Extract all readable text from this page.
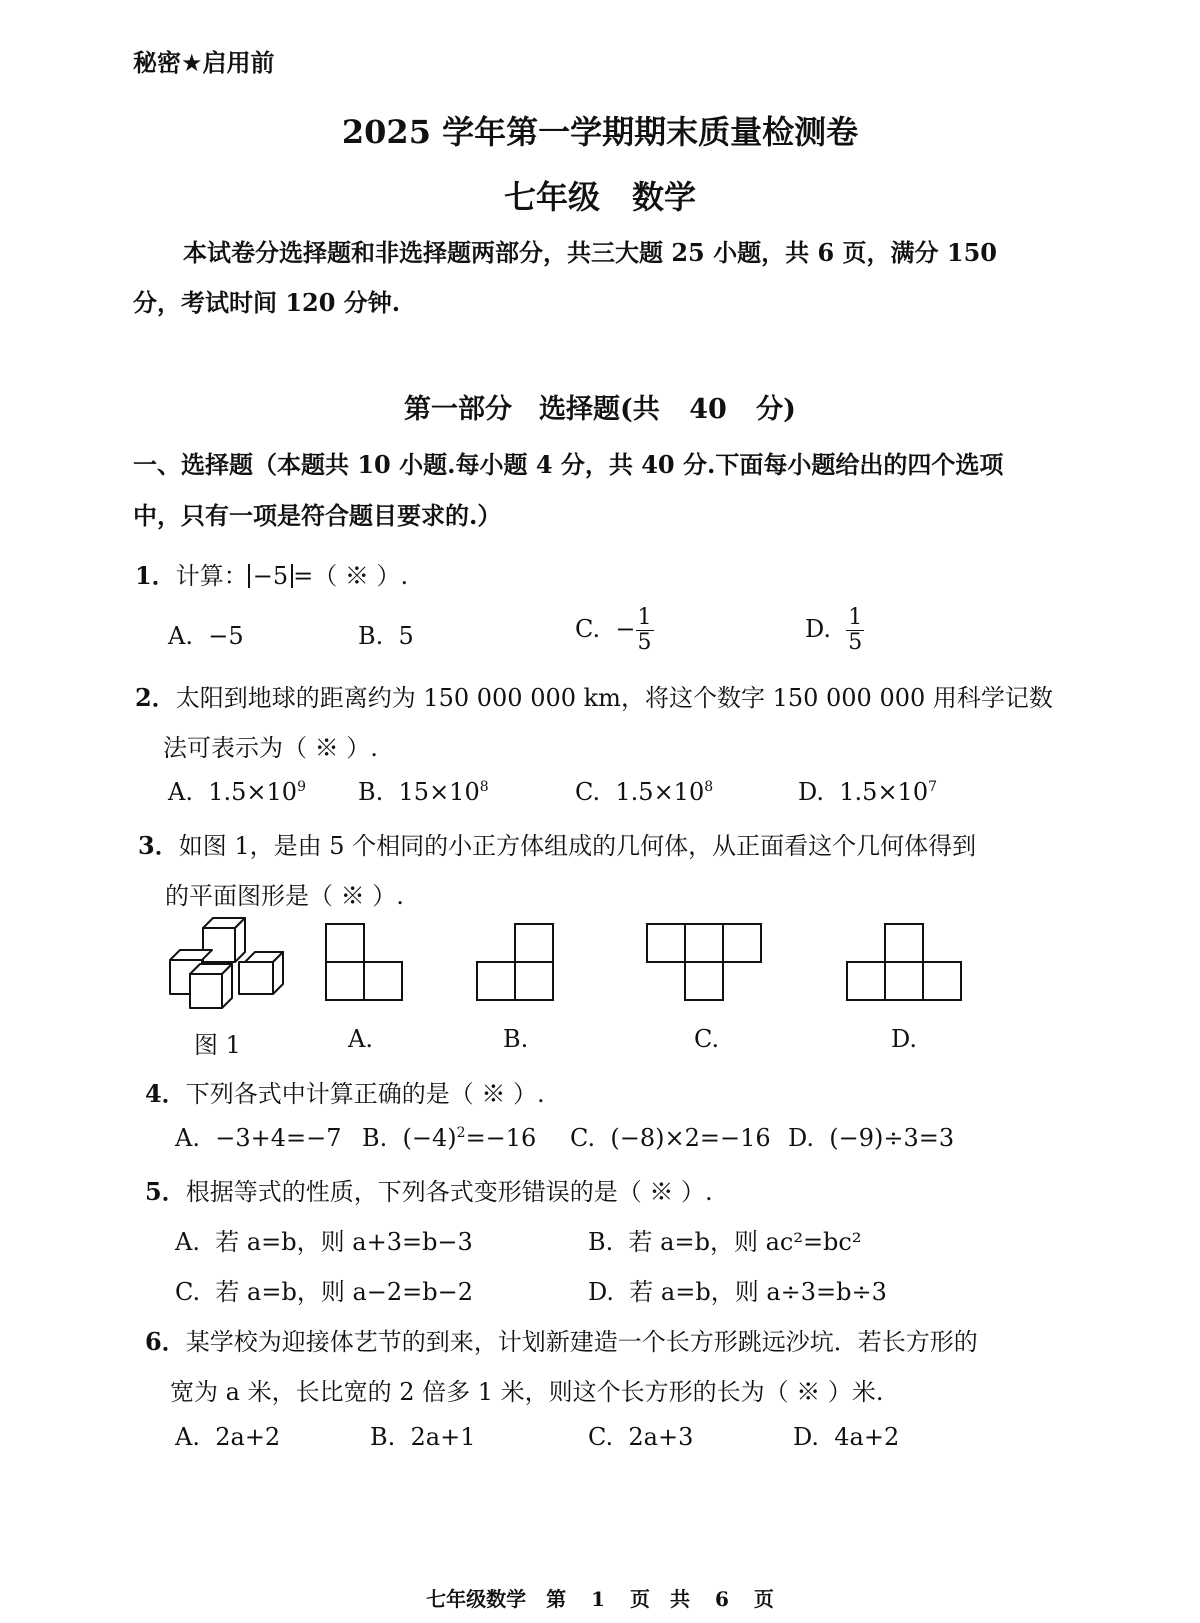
秘密★启用前
2025 学年第一学期期末质量检测卷
七年级　数学
本试卷分选择题和非选择题两部分，共三大题 25 小题，共 6 页，满分 150
分，考试时间 120 分钟.
第一部分　选择题(共 40 分)
一、选择题（本题共 10 小题.每小题 4 分，共 40 分.下面每小题给出的四个选项
中，只有一项是符合题目要求的.）
1．计算： −5 =（ ※ ）.
A. −5	B. 5	C. − $\frac{1}{5}$	D. $\frac{1}{5}$
2．太阳到地球的距离约为 150 000 000 km，将这个数字 150 000 000 用科学记数
法可表示为（ ※ ）.
A. $1.5\times 10^9$ B. $15\times 10^8$	C. $1.5\times 10^8$	D. $1.5\times 10^7$
3．如图 1，是由 5 个相同的小正方体组成的几何体，从正面看这个几何体得到
的平面图形是（ ※ ）.
图 1	A.	B.	C.	D.
4．下列各式中计算正确的是（ ※ ）.
A. −3+4=−7 B. $(-4)^2=-16$ C. (−8)×2=−16 D. (−9)÷3=3
5．根据等式的性质，下列各式变形错误的是（ ※ ）.
A. 若 a=b，则 a+3=b−3	B. 若 a=b，则 ac²=bc²
C. 若 a=b，则 a−2=b−2	D. 若 a=b，则 a÷3=b÷3
6．某学校为迎接体艺节的到来，计划新建造一个长方形跳远沙坑．若长方形的
宽为 a 米，长比宽的 2 倍多 1 米，则这个长方形的长为（ ※ ）米.
A. 2a+2	B. 2a+1	C. 2a+3	D. 4a+2
七年级数学　第 1 页　共 6 页
